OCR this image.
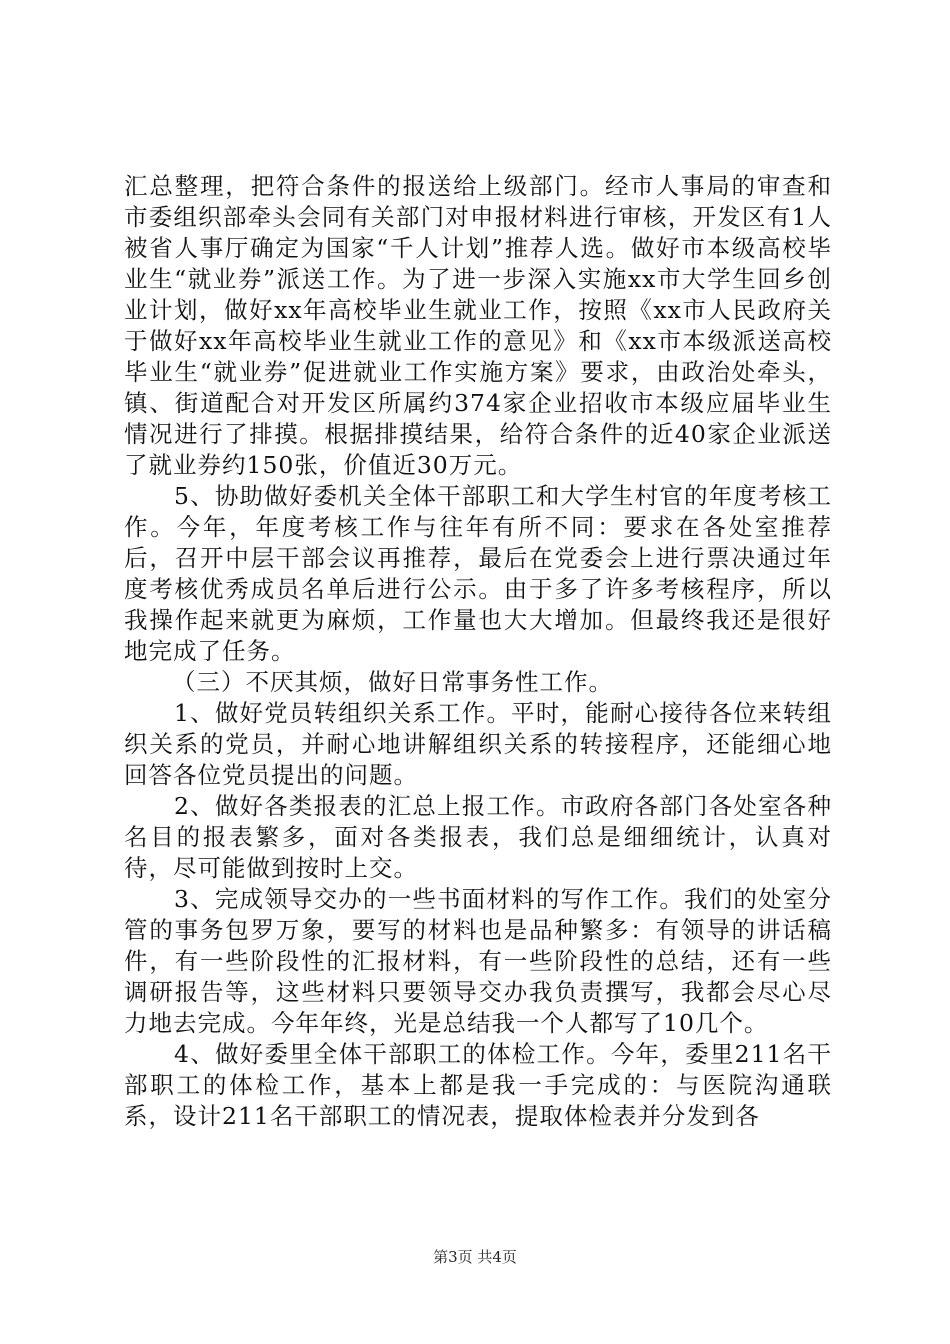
汇总整理，把符合条件的报送给上级部门。经市人事局的审查和市委组织部牵头会同有关部门对申报材料进行审核，开发区有1人被省人事厅确定为国家“千人计划”推荐人选。做好市本级高校毕业生“就业券”派送工作。为了进一步深入实施xx市大学生回乡创业计划，做好xx年高校毕业生就业工作，按照《xx市人民政府关于做好xx年高校毕业生就业工作的意见》和《xx市本级派送高校毕业生“就业券”促进就业工作实施方案》要求，由政治处牵头，镇、街道配合对开发区所属约374家企业招收市本级应届毕业生情况进行了排摸。根据排摸结果，给符合条件的近40家企业派送了就业券约150张，价值近30万元。

5、协助做好委机关全体干部职工和大学生村官的年度考核工作。今年，年度考核工作与往年有所不同：要求在各处室推荐后，召开中层干部会议再推荐，最后在党委会上进行票决通过年度考核优秀成员名单后进行公示。由于多了许多考核程序，所以我操作起来就更为麻烦，工作量也大大增加。但最终我还是很好地完成了任务。

（三）不厌其烦，做好日常事务性工作。

1、做好党员转组织关系工作。平时，能耐心接待各位来转组织关系的党员，并耐心地讲解组织关系的转接程序，还能细心地回答各位党员提出的问题。

2、做好各类报表的汇总上报工作。市政府各部门各处室各种名目的报表繁多，面对各类报表，我们总是细细统计，认真对待，尽可能做到按时上交。

3、完成领导交办的一些书面材料的写作工作。我们的处室分管的事务包罗万象，要写的材料也是品种繁多：有领导的讲话稿件，有一些阶段性的汇报材料，有一些阶段性的总结，还有一些调研报告等，这些材料只要领导交办我负责撰写，我都会尽心尽力地去完成。今年年终，光是总结我一个人都写了10几个。

4、做好委里全体干部职工的体检工作。今年，委里211名干部职工的体检工作，基本上都是我一手完成的：与医院沟通联系，设计211名干部职工的情况表，提取体检表并分发到各

第3页 共4页
